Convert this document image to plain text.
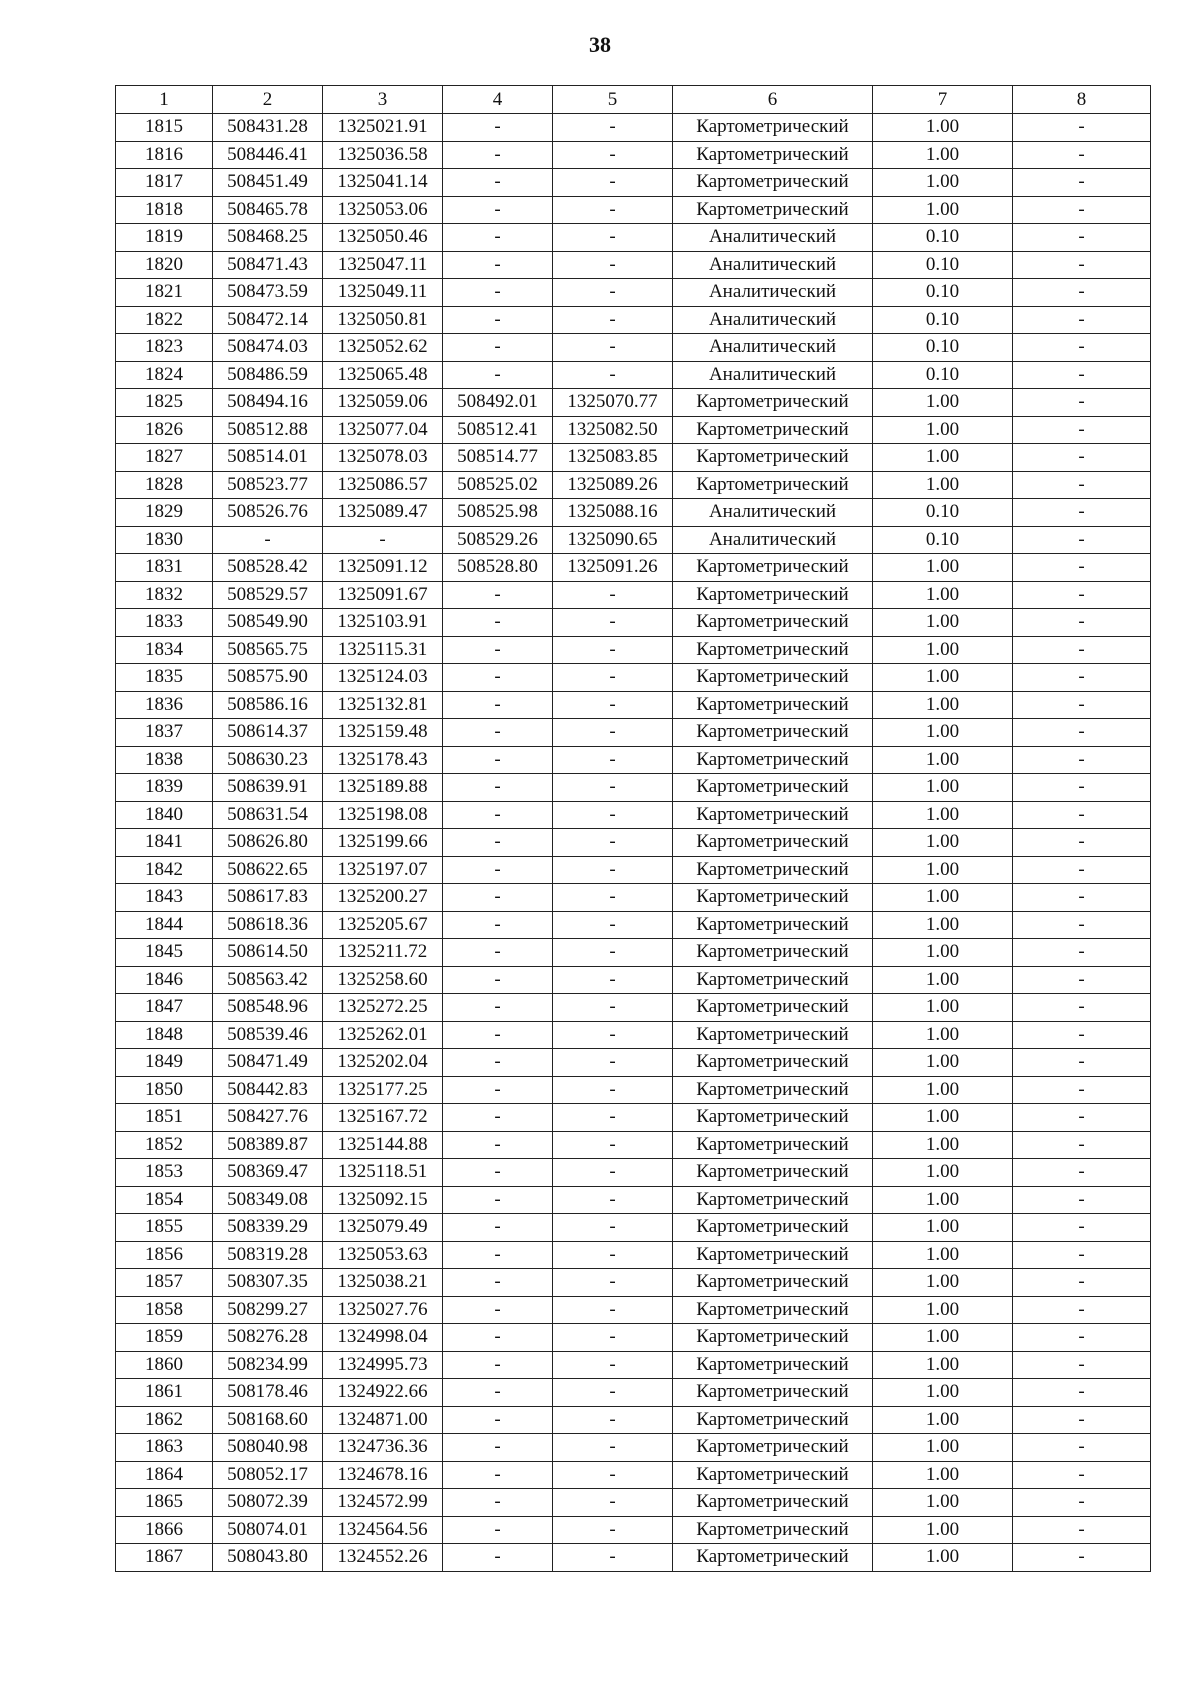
38
1	2	3	4	5	6	7	8
1815	508431.28	1325021.91	-	-	Картометрический	1.00	-
1816	508446.41	1325036.58	-	-	Картометрический	1.00	-
1817	508451.49	1325041.14	-	-	Картометрический	1.00	-
1818	508465.78	1325053.06	-	-	Картометрический	1.00	-
1819	508468.25	1325050.46	-	-	Аналитический	0.10	-
1820	508471.43	1325047.11	-	-	Аналитический	0.10	-
1821	508473.59	1325049.11	-	-	Аналитический	0.10	-
1822	508472.14	1325050.81	-	-	Аналитический	0.10	-
1823	508474.03	1325052.62	-	-	Аналитический	0.10	-
1824	508486.59	1325065.48	-	-	Аналитический	0.10	-
1825	508494.16	1325059.06	508492.01	1325070.77	Картометрический	1.00	-
1826	508512.88	1325077.04	508512.41	1325082.50	Картометрический	1.00	-
1827	508514.01	1325078.03	508514.77	1325083.85	Картометрический	1.00	-
1828	508523.77	1325086.57	508525.02	1325089.26	Картометрический	1.00	-
1829	508526.76	1325089.47	508525.98	1325088.16	Аналитический	0.10	-
1830	-	-	508529.26	1325090.65	Аналитический	0.10	-
1831	508528.42	1325091.12	508528.80	1325091.26	Картометрический	1.00	-
1832	508529.57	1325091.67	-	-	Картометрический	1.00	-
1833	508549.90	1325103.91	-	-	Картометрический	1.00	-
1834	508565.75	1325115.31	-	-	Картометрический	1.00	-
1835	508575.90	1325124.03	-	-	Картометрический	1.00	-
1836	508586.16	1325132.81	-	-	Картометрический	1.00	-
1837	508614.37	1325159.48	-	-	Картометрический	1.00	-
1838	508630.23	1325178.43	-	-	Картометрический	1.00	-
1839	508639.91	1325189.88	-	-	Картометрический	1.00	-
1840	508631.54	1325198.08	-	-	Картометрический	1.00	-
1841	508626.80	1325199.66	-	-	Картометрический	1.00	-
1842	508622.65	1325197.07	-	-	Картометрический	1.00	-
1843	508617.83	1325200.27	-	-	Картометрический	1.00	-
1844	508618.36	1325205.67	-	-	Картометрический	1.00	-
1845	508614.50	1325211.72	-	-	Картометрический	1.00	-
1846	508563.42	1325258.60	-	-	Картометрический	1.00	-
1847	508548.96	1325272.25	-	-	Картометрический	1.00	-
1848	508539.46	1325262.01	-	-	Картометрический	1.00	-
1849	508471.49	1325202.04	-	-	Картометрический	1.00	-
1850	508442.83	1325177.25	-	-	Картометрический	1.00	-
1851	508427.76	1325167.72	-	-	Картометрический	1.00	-
1852	508389.87	1325144.88	-	-	Картометрический	1.00	-
1853	508369.47	1325118.51	-	-	Картометрический	1.00	-
1854	508349.08	1325092.15	-	-	Картометрический	1.00	-
1855	508339.29	1325079.49	-	-	Картометрический	1.00	-
1856	508319.28	1325053.63	-	-	Картометрический	1.00	-
1857	508307.35	1325038.21	-	-	Картометрический	1.00	-
1858	508299.27	1325027.76	-	-	Картометрический	1.00	-
1859	508276.28	1324998.04	-	-	Картометрический	1.00	-
1860	508234.99	1324995.73	-	-	Картометрический	1.00	-
1861	508178.46	1324922.66	-	-	Картометрический	1.00	-
1862	508168.60	1324871.00	-	-	Картометрический	1.00	-
1863	508040.98	1324736.36	-	-	Картометрический	1.00	-
1864	508052.17	1324678.16	-	-	Картометрический	1.00	-
1865	508072.39	1324572.99	-	-	Картометрический	1.00	-
1866	508074.01	1324564.56	-	-	Картометрический	1.00	-
1867	508043.80	1324552.26	-	-	Картометрический	1.00	-
